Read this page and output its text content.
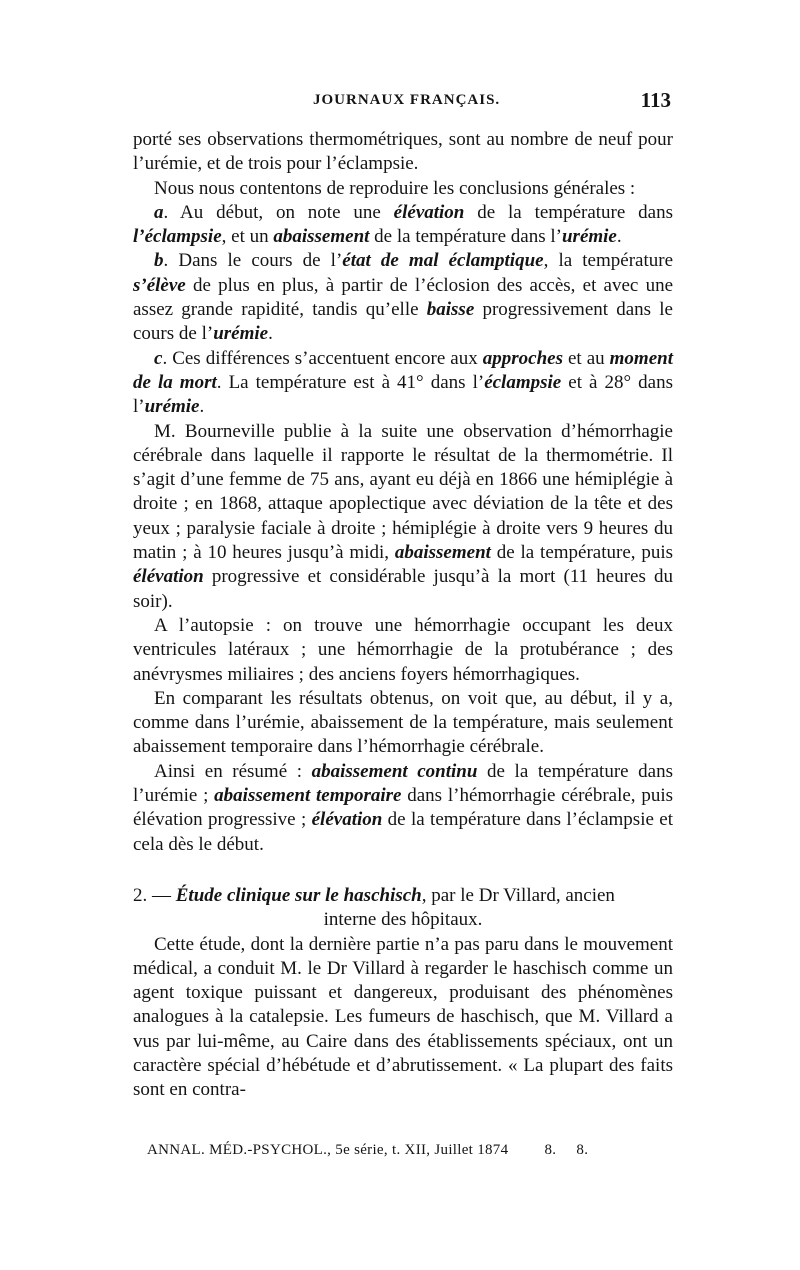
JOURNAUX FRANÇAIS.	113

porté ses observations thermométriques, sont au nombre de neuf pour l’urémie, et de trois pour l’éclampsie.

Nous nous contentons de reproduire les conclusions générales :

a. Au début, on note une élévation de la température dans l’éclampsie, et un abaissement de la température dans l’urémie.

b. Dans le cours de l’état de mal éclamptique, la température s’élève de plus en plus, à partir de l’éclosion des accès, et avec une assez grande rapidité, tandis qu’elle baisse progressivement dans le cours de l’urémie.

c. Ces différences s’accentuent encore aux approches et au moment de la mort. La température est à 41° dans l’éclampsie et à 28° dans l’urémie.

M. Bourneville publie à la suite une observation d’hémorrhagie cérébrale dans laquelle il rapporte le résultat de la thermométrie. Il s’agit d’une femme de 75 ans, ayant eu déjà en 1866 une hémiplégie à droite ; en 1868, attaque apoplectique avec déviation de la tête et des yeux ; paralysie faciale à droite ; hémiplégie à droite vers 9 heures du matin ; à 10 heures jusqu’à midi, abaissement de la température, puis élévation progressive et considérable jusqu’à la mort (11 heures du soir).

A l’autopsie : on trouve une hémorrhagie occupant les deux ventricules latéraux ; une hémorrhagie de la protubérance ; des anévrysmes miliaires ; des anciens foyers hémorrhagiques.

En comparant les résultats obtenus, on voit que, au début, il y a, comme dans l’urémie, abaissement de la température, mais seulement abaissement temporaire dans l’hémorrhagie cérébrale.

Ainsi en résumé : abaissement continu de la température dans l’urémie ; abaissement temporaire dans l’hémorrhagie cérébrale, puis élévation progressive ; élévation de la température dans l’éclampsie et cela dès le début.

2. — Étude clinique sur le haschisch, par le Dr Villard, ancien

interne des hôpitaux.

Cette étude, dont la dernière partie n’a pas paru dans le mouvement médical, a conduit M. le Dr Villard à regarder le haschisch comme un agent toxique puissant et dangereux, produisant des phénomènes analogues à la catalepsie. Les fumeurs de haschisch, que M. Villard a vus par lui-même, au Caire dans des établissements spéciaux, ont un caractère spécial d’hébétude et d’abrutissement. « La plupart des faits sont en contra-

ANNAL. MÉD.-PSYCHOL., 5e série, t. XII, Juillet 1874 8. 8.
